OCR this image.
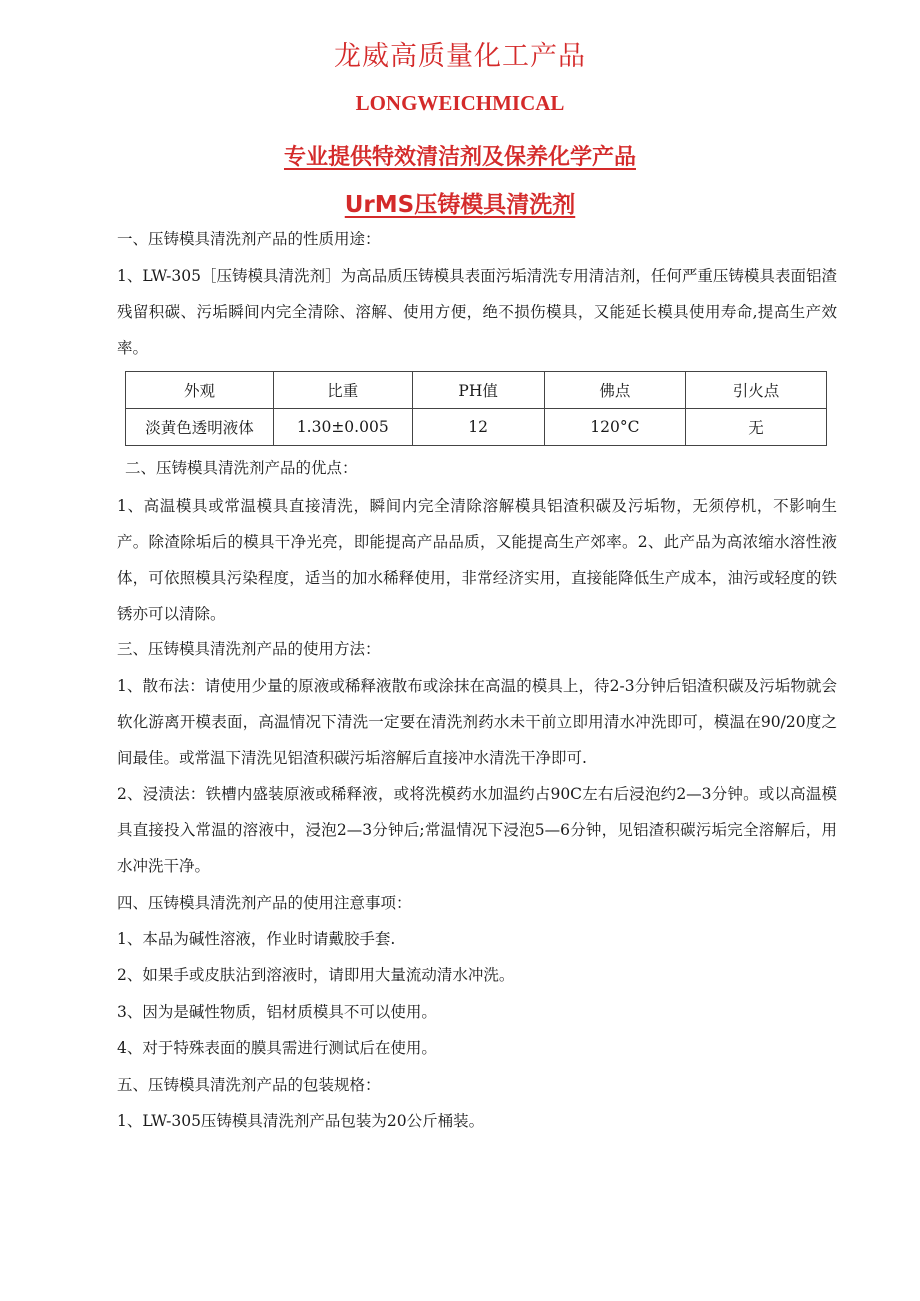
龙威高质量化工产品
LONGWEICHMICAL
专业提供特效清洁剂及保养化学产品
UrMS压铸模具清洗剂

一、压铸模具清洗剂产品的性质用途：

1、LW-305［压铸模具清洗剂］为高品质压铸模具表面污垢清洗专用清洁剂，任何严重压铸模具表面铝渣残留积碳、污垢瞬间内完全清除、溶解、使用方便，绝不损伤模具，又能延长模具使用寿命,提高生产效率。

外观	比重	PH值	佛点	引火点
淡黄色透明液体	1.30±0.005	12	120°C	无

二、压铸模具清洗剂产品的优点：

1、高温模具或常温模具直接清洗，瞬间内完全清除溶解模具铝渣积碳及污垢物，无须停机，不影响生产。除渣除垢后的模具干净光亮，即能提高产品品质，又能提高生产郊率。2、此产品为高浓缩水溶性液体，可依照模具污染程度，适当的加水稀释使用，非常经济实用，直接能降低生产成本，油污或轻度的铁锈亦可以清除。

三、压铸模具清洗剂产品的使用方法：

1、散布法：请使用少量的原液或稀释液散布或涂抹在高温的模具上，待2-3分钟后铝渣积碳及污垢物就会软化游离开模表面，高温情况下清洗一定要在清洗剂药水未干前立即用清水冲洗即可，模温在90/20度之间最佳。或常温下清洗见铝渣积碳污垢溶解后直接冲水清洗干净即可.

2、浸渍法：铁槽内盛装原液或稀释液，或将洗模药水加温约占90C左右后浸泡约2—3分钟。或以高温模具直接投入常温的溶液中，浸泡2—3分钟后;常温情况下浸泡5—6分钟，见铝渣积碳污垢完全溶解后，用水冲洗干净。

四、压铸模具清洗剂产品的使用注意事项：

1、本品为碱性溶液，作业时请戴胶手套.

2、如果手或皮肤沾到溶液时，请即用大量流动清水冲洗。

3、因为是碱性物质，铝材质模具不可以使用。

4、对于特殊表面的膜具需进行测试后在使用。

五、压铸模具清洗剂产品的包装规格：

1、LW-305压铸模具清洗剂产品包装为20公斤桶装。
